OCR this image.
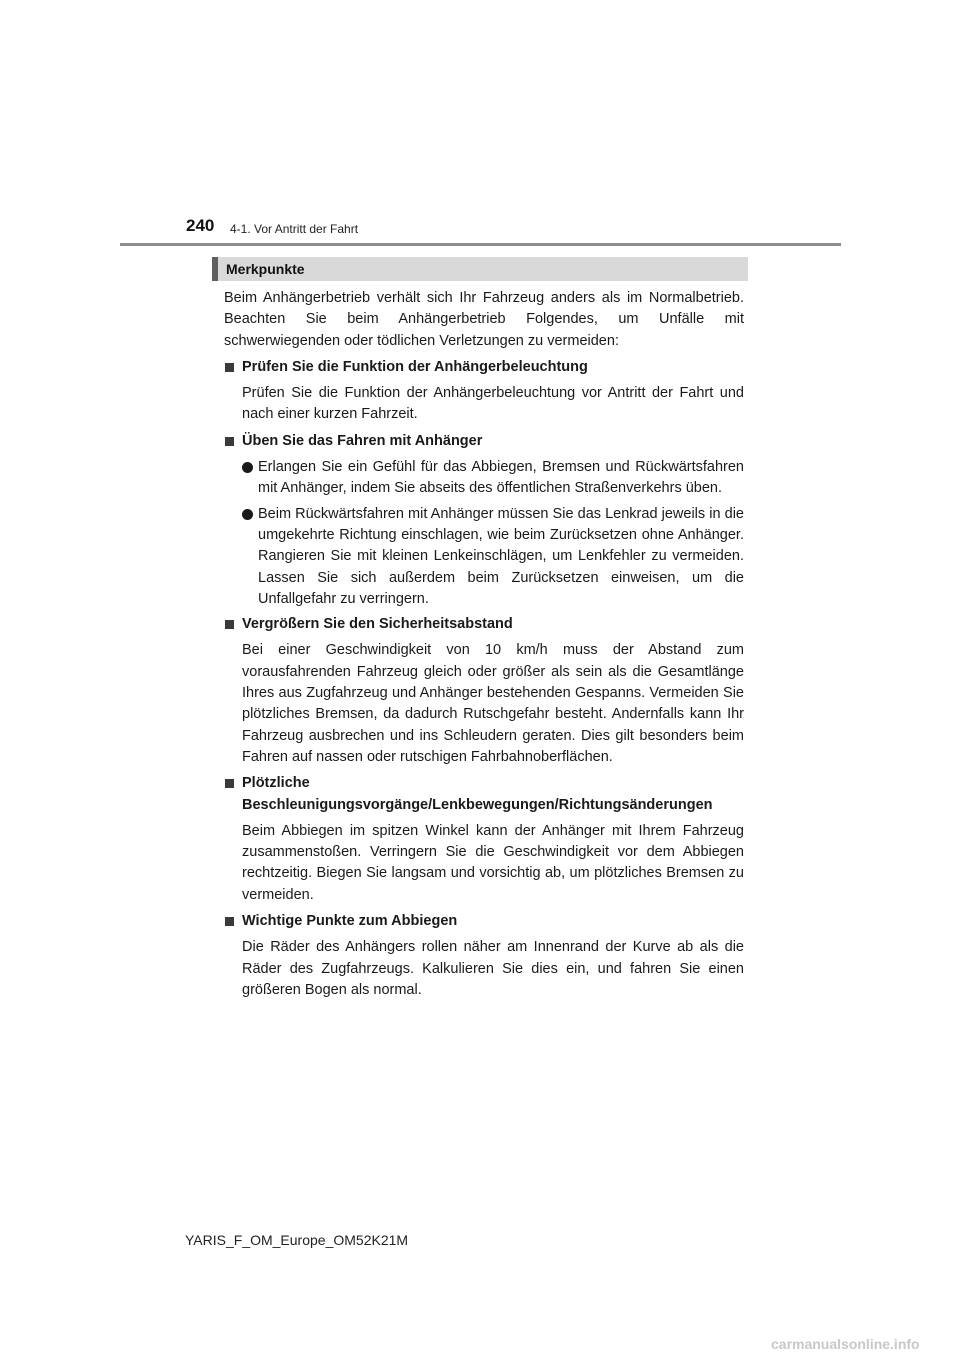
240 4-1. Vor Antritt der Fahrt
Merkpunkte

Beim Anhängerbetrieb verhält sich Ihr Fahrzeug anders als im Normalbetrieb. Beachten Sie beim Anhängerbetrieb Folgendes, um Unfälle mit schwerwiegenden oder tödlichen Verletzungen zu vermeiden:

Prüfen Sie die Funktion der Anhängerbeleuchtung

Prüfen Sie die Funktion der Anhängerbeleuchtung vor Antritt der Fahrt und nach einer kurzen Fahrzeit.

Üben Sie das Fahren mit Anhänger

Erlangen Sie ein Gefühl für das Abbiegen, Bremsen und Rückwärtsfahren mit Anhänger, indem Sie abseits des öffentlichen Straßenverkehrs üben.

Beim Rückwärtsfahren mit Anhänger müssen Sie das Lenkrad jeweils in die umgekehrte Richtung einschlagen, wie beim Zurücksetzen ohne Anhänger. Rangieren Sie mit kleinen Lenkeinschlägen, um Lenkfehler zu vermeiden. Lassen Sie sich außerdem beim Zurücksetzen einweisen, um die Unfallgefahr zu verringern.

Vergrößern Sie den Sicherheitsabstand

Bei einer Geschwindigkeit von 10 km/h muss der Abstand zum vorausfahrenden Fahrzeug gleich oder größer als sein als die Gesamtlänge Ihres aus Zugfahrzeug und Anhänger bestehenden Gespanns. Vermeiden Sie plötzliches Bremsen, da dadurch Rutschgefahr besteht. Andernfalls kann Ihr Fahrzeug ausbrechen und ins Schleudern geraten. Dies gilt besonders beim Fahren auf nassen oder rutschigen Fahrbahnoberflächen.

Plötzliche Beschleunigungsvorgänge/Lenkbewegungen/Richtungsänderungen

Beim Abbiegen im spitzen Winkel kann der Anhänger mit Ihrem Fahrzeug zusammenstoßen. Verringern Sie die Geschwindigkeit vor dem Abbiegen rechtzeitig. Biegen Sie langsam und vorsichtig ab, um plötzliches Bremsen zu vermeiden.

Wichtige Punkte zum Abbiegen

Die Räder des Anhängers rollen näher am Innenrand der Kurve ab als die Räder des Zugfahrzeugs. Kalkulieren Sie dies ein, und fahren Sie einen größeren Bogen als normal.

YARIS_F_OM_Europe_OM52K21M
carmanualsonline.info
